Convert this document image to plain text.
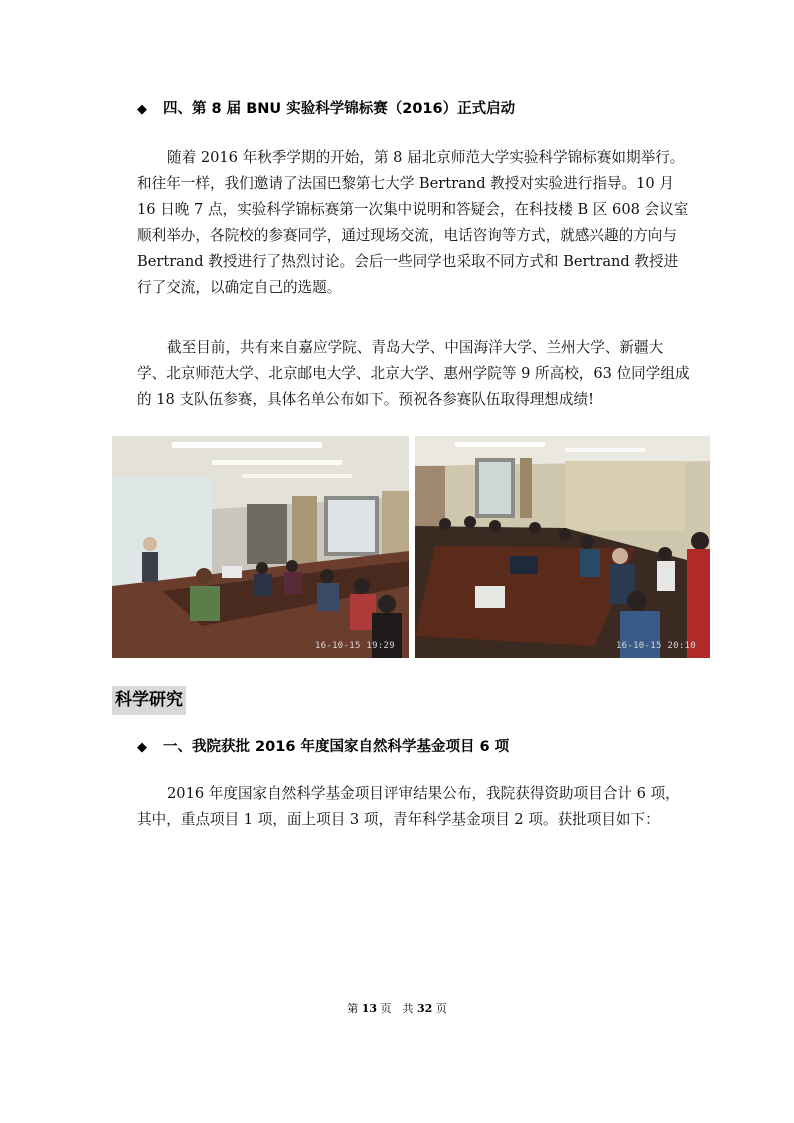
◆ 四、第 8 届 BNU 实验科学锦标赛（2016）正式启动

随着 2016 年秋季学期的开始，第 8 届北京师范大学实验科学锦标赛如期举行。和往年一样，我们邀请了法国巴黎第七大学 Bertrand 教授对实验进行指导。10 月 16 日晚 7 点，实验科学锦标赛第一次集中说明和答疑会，在科技楼 B 区 608 会议室顺利举办，各院校的参赛同学，通过现场交流，电话咨询等方式，就感兴趣的方向与 Bertrand 教授进行了热烈讨论。会后一些同学也采取不同方式和 Bertrand 教授进行了交流，以确定自己的选题。

截至目前，共有来自嘉应学院、青岛大学、中国海洋大学、兰州大学、新疆大学、北京师范大学、北京邮电大学、北京大学、惠州学院等 9 所高校，63 位同学组成的 18 支队伍参赛，具体名单公布如下。预祝各参赛队伍取得理想成绩!

16-10-15 19:29	16-10-15 20:10
科学研究
◆ 一、我院获批 2016 年度国家自然科学基金项目 6 项

2016 年度国家自然科学基金项目评审结果公布，我院获得资助项目合计 6 项，其中，重点项目 1 项，面上项目 3 项，青年科学基金项目 2 项。获批项目如下：

第 13 页　共 32 页
